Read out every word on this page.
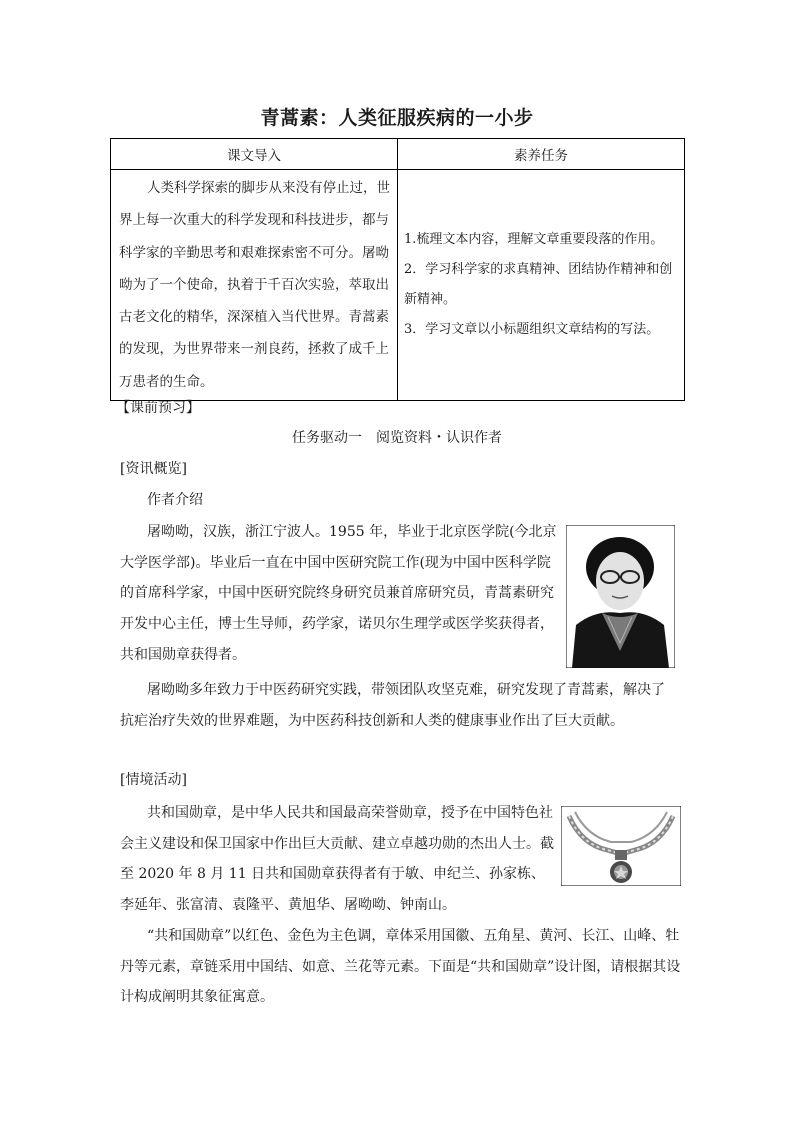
青蒿素：人类征服疾病的一小步
课文导入	素养任务

人类科学探索的脚步从来没有停止过，世界上每一次重大的科学发现和科技进步，都与科学家的辛勤思考和艰难探索密不可分。屠呦呦为了一个使命，执着于千百次实验，萃取出古老文化的精华，深深植入当代世界。青蒿素的发现，为世界带来一剂良药，拯救了成千上万患者的生命。	1.梳理文本内容，理解文章重要段落的作用。
2．学习科学家的求真精神、团结协作精神和创新精神。
3．学习文章以小标题组织文章结构的写法。
【课前预习】
任务驱动一　阅览资料・认识作者
[资讯概览]
作者介绍

屠呦呦，汉族，浙江宁波人。1955 年，毕业于北京医学院(今北京大学医学部)。毕业后一直在中国中医研究院工作(现为中国中医科学院的首席科学家，中国中医研究院终身研究员兼首席研究员，青蒿素研究开发中心主任，博士生导师，药学家，诺贝尔生理学或医学奖获得者，共和国勋章获得者。

屠呦呦多年致力于中医药研究实践，带领团队攻坚克难，研究发现了青蒿素，解决了抗疟治疗失效的世界难题，为中医药科技创新和人类的健康事业作出了巨大贡献。

[情境活动]

共和国勋章，是中华人民共和国最高荣誉勋章，授予在中国特色社会主义建设和保卫国家中作出巨大贡献、建立卓越功勋的杰出人士。截至 2020 年 8 月 11 日共和国勋章获得者有于敏、申纪兰、孙家栋、李延年、张富清、袁隆平、黄旭华、屠呦呦、钟南山。

“共和国勋章”以红色、金色为主色调，章体采用国徽、五角星、黄河、长江、山峰、牡丹等元素，章链采用中国结、如意、兰花等元素。下面是“共和国勋章”设计图，请根据其设计构成阐明其象征寓意。
